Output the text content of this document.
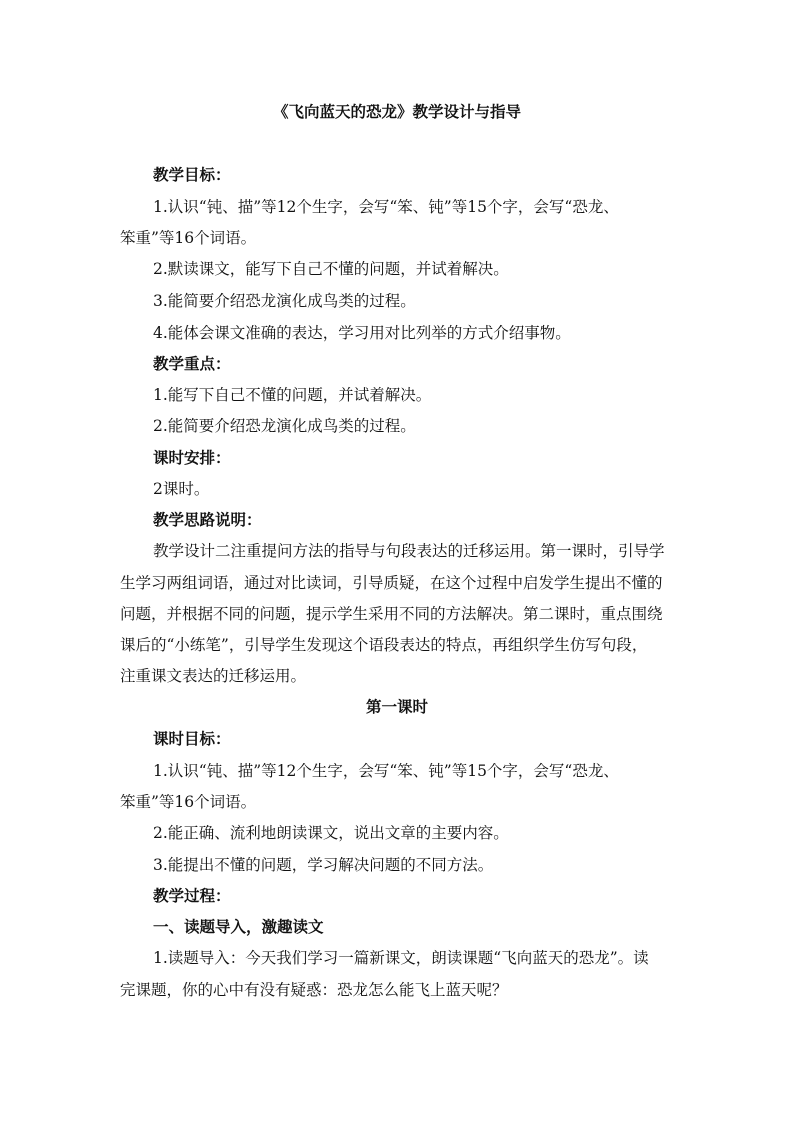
《飞向蓝天的恐龙》教学设计与指导
教学目标：
1.认识“钝、描”等12个生字，会写“笨、钝”等15个字，会写“恐龙、
笨重”等16个词语。
2.默读课文，能写下自己不懂的问题，并试着解决。
3.能简要介绍恐龙演化成鸟类的过程。
4.能体会课文准确的表达，学习用对比列举的方式介绍事物。
教学重点：
1.能写下自己不懂的问题，并试着解决。
2.能简要介绍恐龙演化成鸟类的过程。
课时安排：
2课时。
教学思路说明：
教学设计二注重提问方法的指导与句段表达的迁移运用。第一课时，引导学
生学习两组词语，通过对比读词，引导质疑，在这个过程中启发学生提出不懂的
问题，并根据不同的问题，提示学生采用不同的方法解决。第二课时，重点围绕
课后的“小练笔”，引导学生发现这个语段表达的特点，再组织学生仿写句段，
注重课文表达的迁移运用。
第一课时
课时目标：
1.认识“钝、描”等12个生字，会写“笨、钝”等15个字，会写“恐龙、
笨重”等16个词语。
2.能正确、流利地朗读课文，说出文章的主要内容。
3.能提出不懂的问题，学习解决问题的不同方法。
教学过程：
一、读题导入，激趣读文
1.读题导入：今天我们学习一篇新课文，朗读课题“飞向蓝天的恐龙”。读
完课题，你的心中有没有疑惑：恐龙怎么能飞上蓝天呢？
